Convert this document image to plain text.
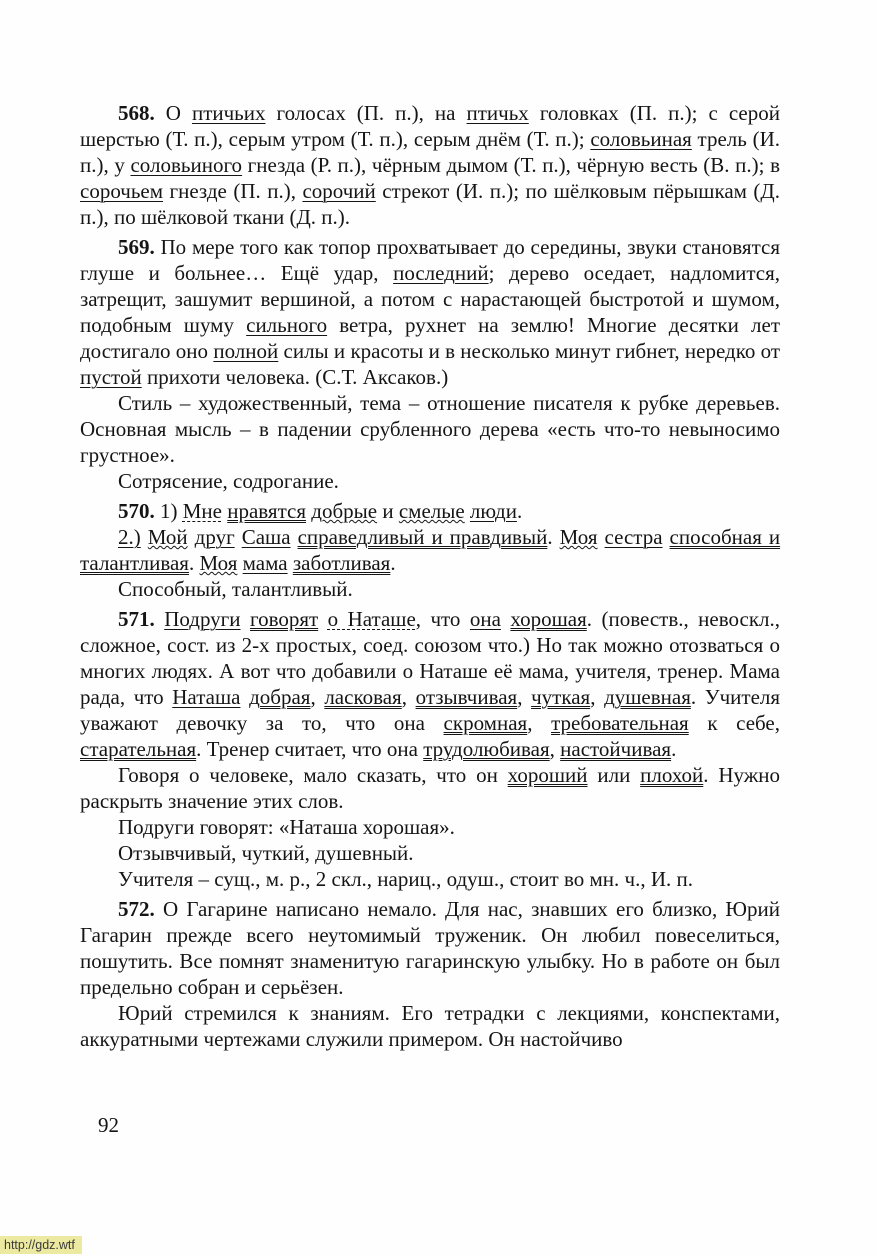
568. О птичьих голосах (П. п.), на птичьх головках (П. п.); с серой шерстью (Т. п.), серым утром (Т. п.), серым днём (Т. п.); соловьиная трель (И. п.), у соловьиного гнезда (Р. п.), чёрным дымом (Т. п.), чёрную весть (В. п.); в сорочьем гнезде (П. п.), сорочий стрекот (И. п.); по шёлковым пёрышкам (Д. п.), по шёлковой ткани (Д. п.).

569. По мере того как топор прохватывает до середины, звуки становятся глуше и больнее… Ещё удар, последний; дерево оседает, надломится, затрещит, зашумит вершиной, а потом с нарастающей быстротой и шумом, подобным шуму сильного ветра, рухнет на землю! Многие десятки лет достигало оно полной силы и красоты и в несколько минут гибнет, нередко от пустой прихоти человека. (С.Т. Аксаков.)

Стиль – художественный, тема – отношение писателя к рубке деревьев. Основная мысль – в падении срубленного дерева «есть что-то невыносимо грустное».

Сотрясение, содрогание.

570. 1) Мне нравятся добрые и смелые люди.

2.) Мой друг Саша справедливый и правдивый. Моя сестра способная и талантливая. Моя мама заботливая.

Способный, талантливый.

571. Подруги говорят о Наташе, что она хорошая. (повеств., невоскл., сложное, сост. из 2-х простых, соед. союзом что.) Но так можно отозваться о многих людях. А вот что добавили о Наташе её мама, учителя, тренер. Мама рада, что Наташа добрая, ласковая, отзывчивая, чуткая, душевная. Учителя уважают девочку за то, что она скромная, требовательная к себе, старательная. Тренер считает, что она трудолюбивая, настойчивая.

Говоря о человеке, мало сказать, что он хороший или плохой. Нужно раскрыть значение этих слов.

Подруги говорят: «Наташа хорошая».

Отзывчивый, чуткий, душевный.

Учителя – сущ., м. р., 2 скл., нариц., одуш., стоит во мн. ч., И. п.

572. О Гагарине написано немало. Для нас, знавших его близко, Юрий Гагарин прежде всего неутомимый труженик. Он любил повеселиться, пошутить. Все помнят знаменитую гагаринскую улыбку. Но в работе он был предельно собран и серьёзен.

Юрий стремился к знаниям. Его тетрадки с лекциями, конспектами, аккуратными чертежами служили примером. Он настойчиво

92
http://gdz.wtf
